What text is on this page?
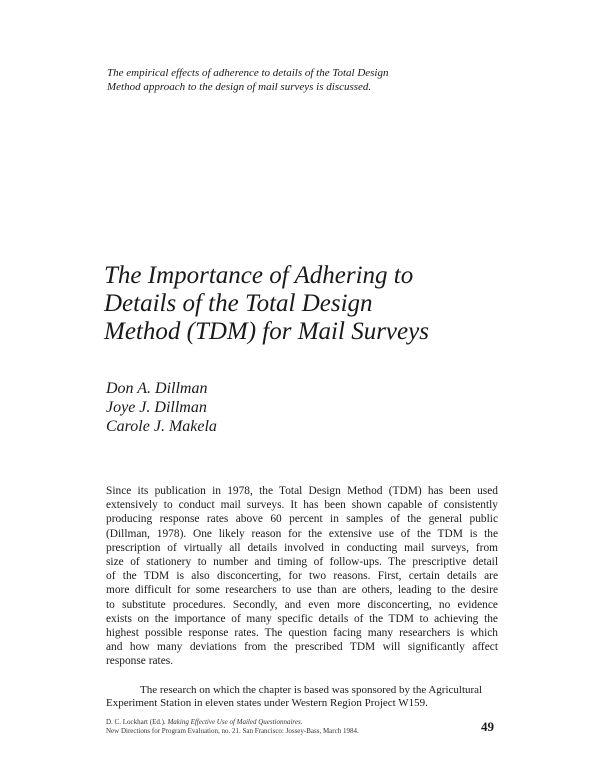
The empirical effects of adherence to details of the Total Design
Method approach to the design of mail surveys is discussed.
The Importance of Adhering to
Details of the Total Design
Method (TDM) for Mail Surveys
Don A. Dillman
Joye J. Dillman
Carole J. Makela
Since its publication in 1978, the Total Design Method (TDM) has been used
extensively to conduct mail surveys. It has been shown capable of consistently
producing response rates above 60 percent in samples of the general public
(Dillman, 1978). One likely reason for the extensive use of the TDM is the
prescription of virtually all details involved in conducting mail surveys, from
size of stationery to number and timing of follow-ups. The prescriptive detail
of the TDM is also disconcerting, for two reasons. First, certain details are
more difficult for some researchers to use than are others, leading to the desire
to substitute procedures. Secondly, and even more disconcerting, no evidence
exists on the importance of many specific details of the TDM to achieving the
highest possible response rates. The question facing many researchers is which
and how many deviations from the prescribed TDM will significantly affect
response rates.
The research on which the chapter is based was sponsored by the Agricultural
Experiment Station in eleven states under Western Region Project W159.
D. C. Lockhart (Ed.). Making Effective Use of Mailed Questionnaires.
New Directions for Program Evaluation, no. 21. San Francisco: Jossey-Bass, March 1984.	49
